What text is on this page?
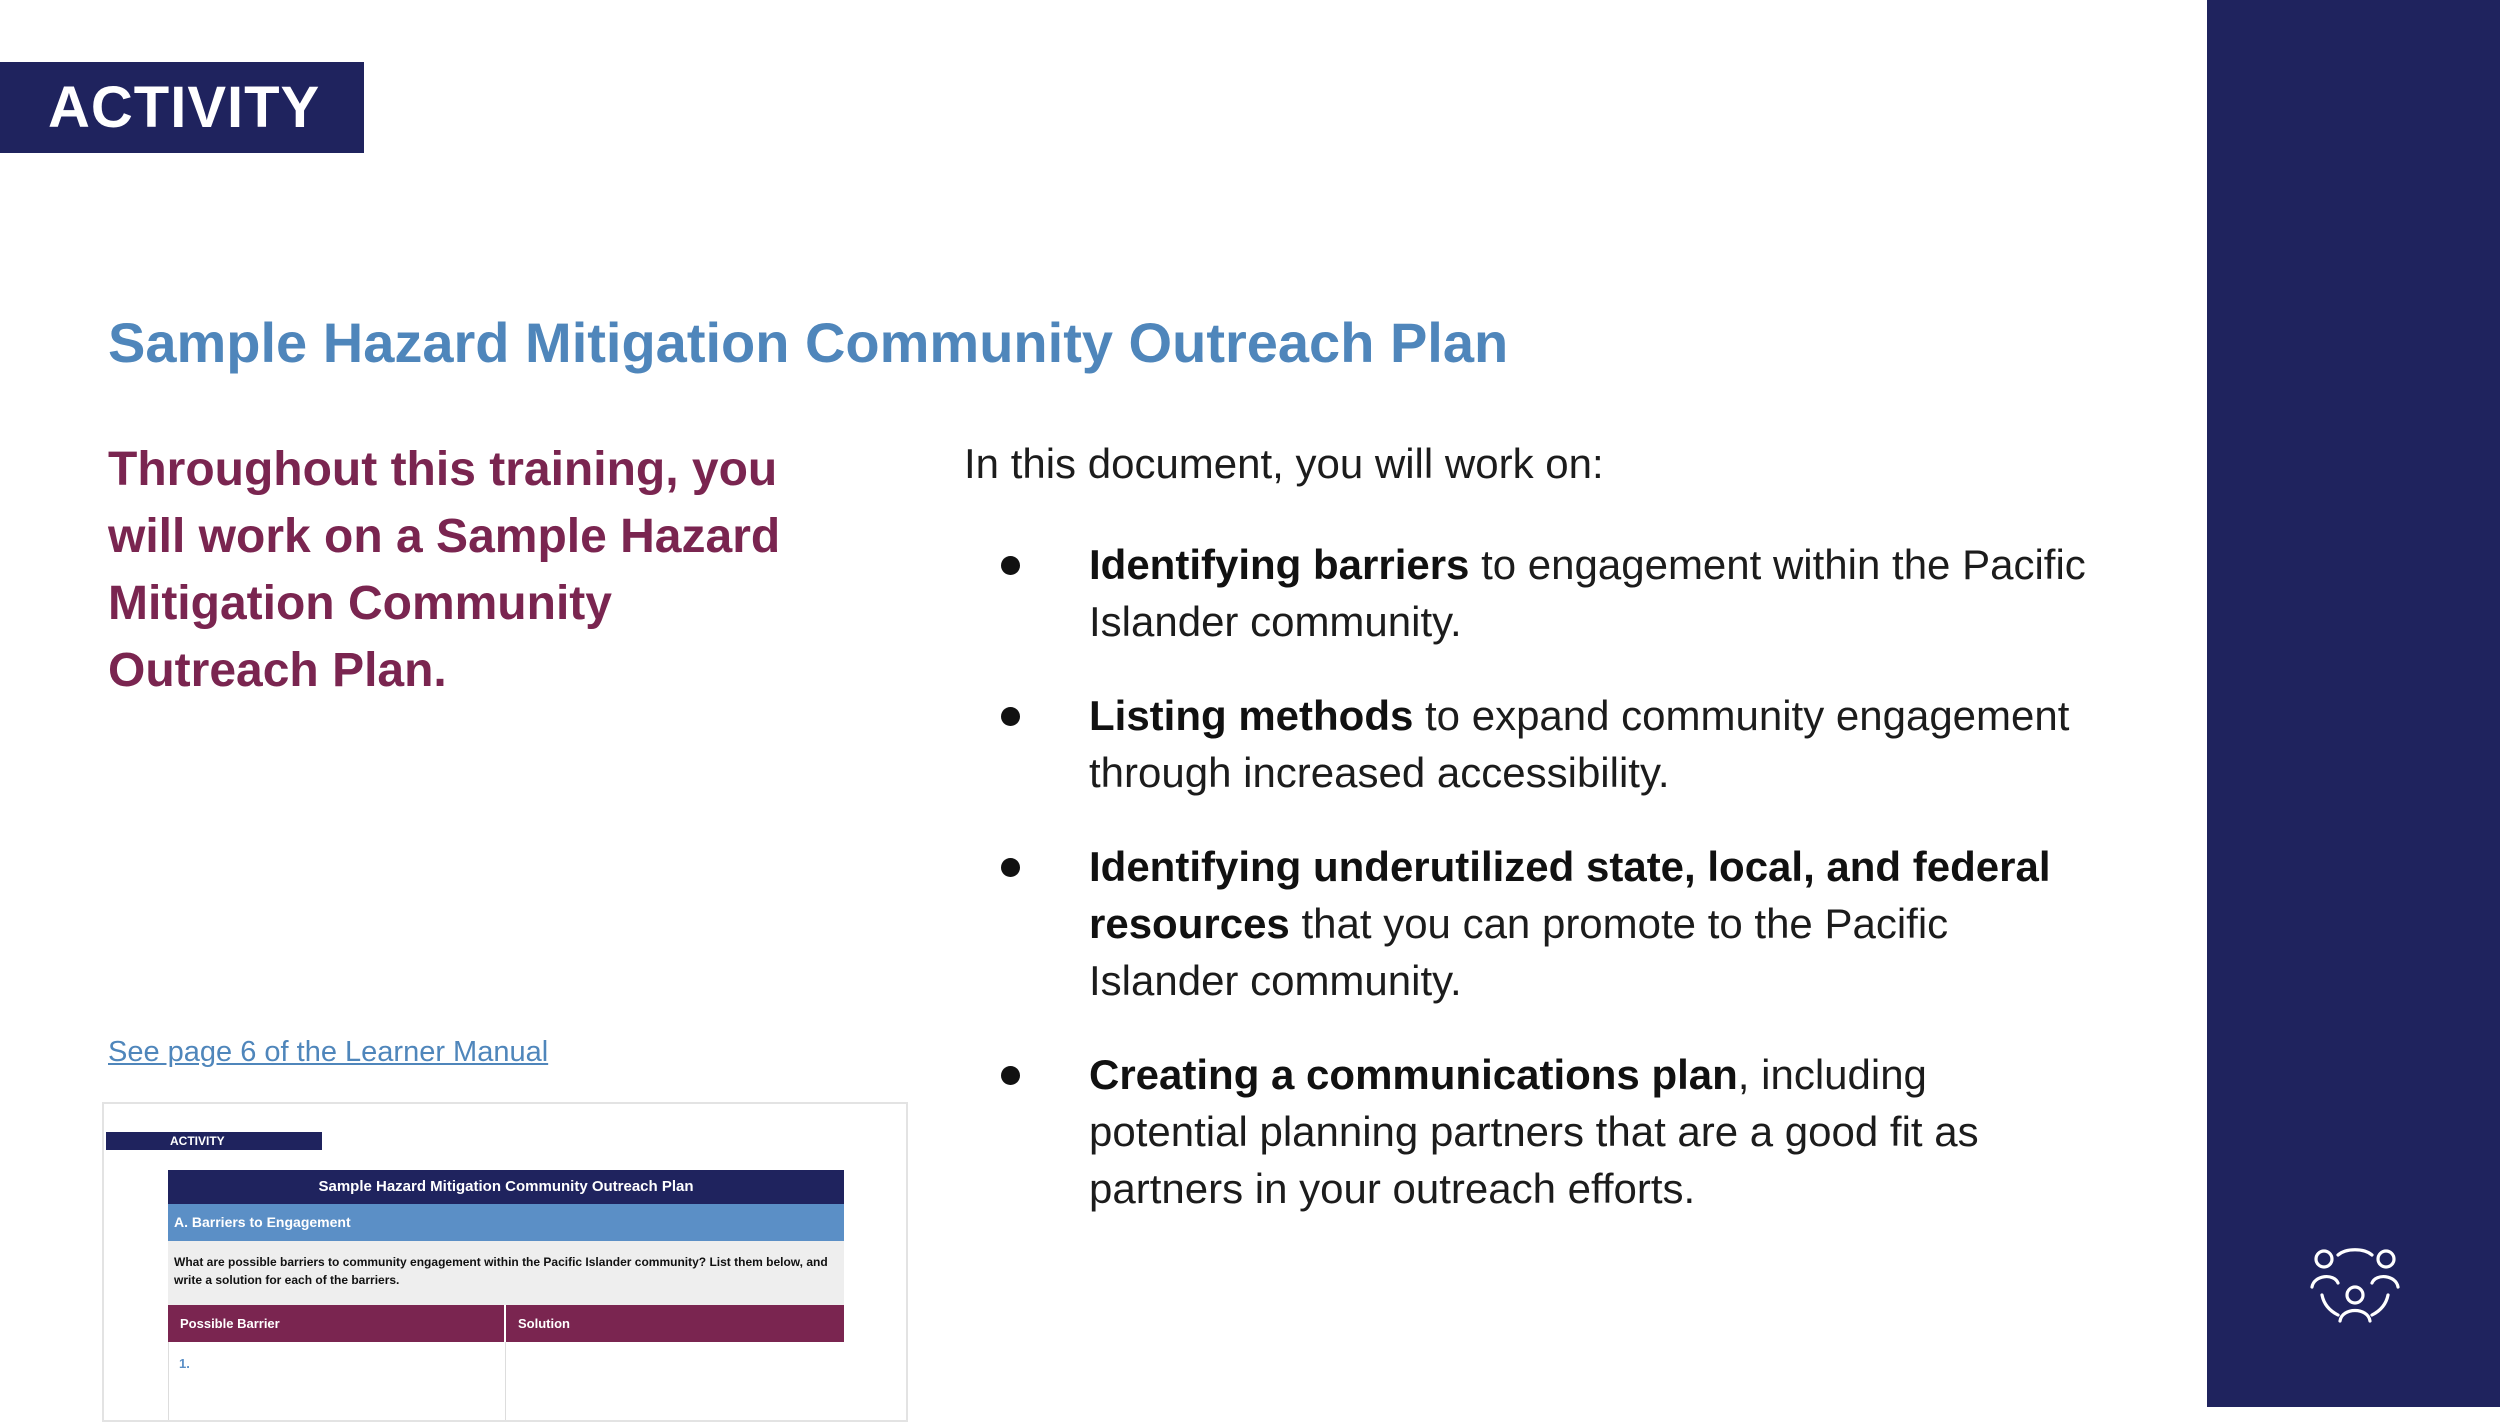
ACTIVITY
Sample Hazard Mitigation Community Outreach Plan

Throughout this training, you will work on a Sample Hazard Mitigation Community Outreach Plan.

See page 6 of the Learner Manual
ACTIVITY
Sample Hazard Mitigation Community Outreach Plan
A. Barriers to Engagement
What are possible barriers to community engagement within the Pacific Islander community? List them below, and write a solution for each of the barriers.
Possible Barrier	Solution
1.

In this document, you will work on:

Identifying barriers to engagement within the Pacific Islander community.
Listing methods to expand community engagement through increased accessibility.
Identifying underutilized state, local, and federal resources that you can promote to the Pacific Islander community.
Creating a communications plan, including potential planning partners that are a good fit as partners in your outreach efforts.
